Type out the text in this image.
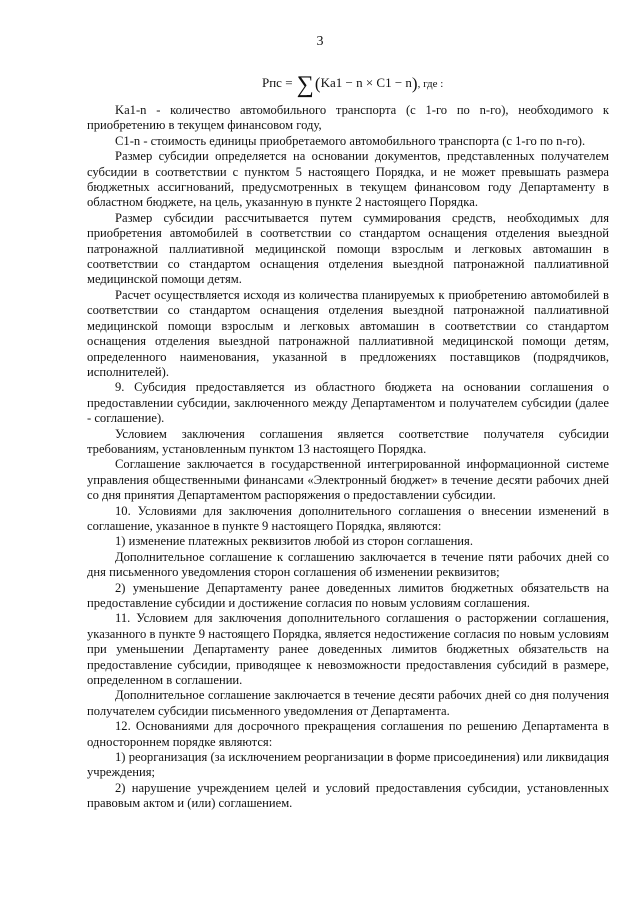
3
Pпс = ∑(Ka1 − n × C1 − n), где :

Ka1-n - количество автомобильного транспорта (с 1-го по n-го), необходимого к приобретению в текущем финансовом году,

С1-n - стоимость единицы приобретаемого автомобильного транспорта (с 1-го по n-го).

Размер субсидии определяется на основании документов, представленных получателем субсидии в соответствии с пунктом 5 настоящего Порядка, и не может превышать размера бюджетных ассигнований, предусмотренных в текущем финансовом году Департаменту в областном бюджете, на цель, указанную в пункте 2 настоящего Порядка.

Размер субсидии рассчитывается путем суммирования средств, необходимых для приобретения автомобилей в соответствии со стандартом оснащения отделения выездной патронажной паллиативной медицинской помощи взрослым и легковых автомашин в соответствии со стандартом оснащения отделения выездной патронажной паллиативной медицинской помощи детям.

Расчет осуществляется исходя из количества планируемых к приобретению автомобилей в соответствии со стандартом оснащения отделения выездной патронажной паллиативной медицинской помощи взрослым и легковых автомашин в соответствии со стандартом оснащения отделения выездной патронажной паллиативной медицинской помощи детям, определенного наименования, указанной в предложениях поставщиков (подрядчиков, исполнителей).

9. Субсидия предоставляется из областного бюджета на основании соглашения о предоставлении субсидии, заключенного между Департаментом и получателем субсидии (далее - соглашение).

Условием заключения соглашения является соответствие получателя субсидии требованиям, установленным пунктом 13 настоящего Порядка.

Соглашение заключается в государственной интегрированной информационной системе управления общественными финансами «Электронный бюджет» в течение десяти рабочих дней со дня принятия Департаментом распоряжения о предоставлении субсидии.

10. Условиями для заключения дополнительного соглашения о внесении изменений в соглашение, указанное в пункте 9 настоящего Порядка, являются:

1) изменение платежных реквизитов любой из сторон соглашения.

Дополнительное соглашение к соглашению заключается в течение пяти рабочих дней со дня письменного уведомления сторон соглашения об изменении реквизитов;

2) уменьшение Департаменту ранее доведенных лимитов бюджетных обязательств на предоставление субсидии и достижение согласия по новым условиям соглашения.

11. Условием для заключения дополнительного соглашения о расторжении соглашения, указанного в пункте 9 настоящего Порядка, является недостижение согласия по новым условиям при уменьшении Департаменту ранее доведенных лимитов бюджетных обязательств на предоставление субсидии, приводящее к невозможности предоставления субсидий в размере, определенном в соглашении.

Дополнительное соглашение заключается в течение десяти рабочих дней со дня получения получателем субсидии письменного уведомления от Департамента.

12. Основаниями для досрочного прекращения соглашения по решению Департамента в одностороннем порядке являются:

1) реорганизация (за исключением реорганизации в форме присоединения) или ликвидация учреждения;

2) нарушение учреждением целей и условий предоставления субсидии, установленных правовым актом и (или) соглашением.
